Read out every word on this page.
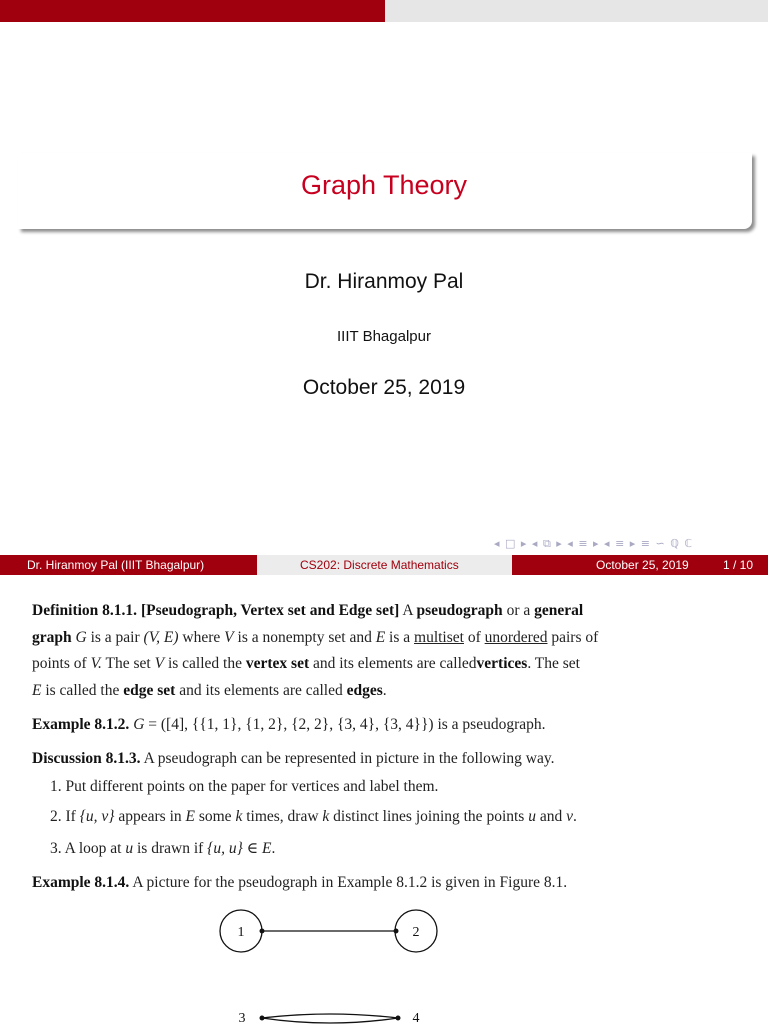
Graph Theory
Dr. Hiranmoy Pal
IIIT Bhagalpur
October 25, 2019
◂ □ ▸ ◂ ⧉ ▸ ◂ ≡ ▸ ◂ ≡ ▸ ≡ ∽ ℚ ℂ
Dr. Hiranmoy Pal (IIIT Bhagalpur)	CS202: Discrete Mathematics	October 25, 2019	1 / 10
Definition 8.1.1. [Pseudograph, Vertex set and Edge set] A pseudograph or a general
graph G is a pair (V, E) where V is a nonempty set and E is a multiset of unordered pairs of
points of V. The set V is called the vertex set and its elements are calledvertices. The set
E is called the edge set and its elements are called edges.
Example 8.1.2. G = ([4], {{1, 1}, {1, 2}, {2, 2}, {3, 4}, {3, 4}}) is a pseudograph.
Discussion 8.1.3. A pseudograph can be represented in picture in the following way.
1. Put different points on the paper for vertices and label them.
2. If {u, v} appears in E some k times, draw k distinct lines joining the points u and v.
3. A loop at u is drawn if {u, u} ∈ E.
Example 8.1.4. A picture for the pseudograph in Example 8.1.2 is given in Figure 8.1.
1	2
3	4
